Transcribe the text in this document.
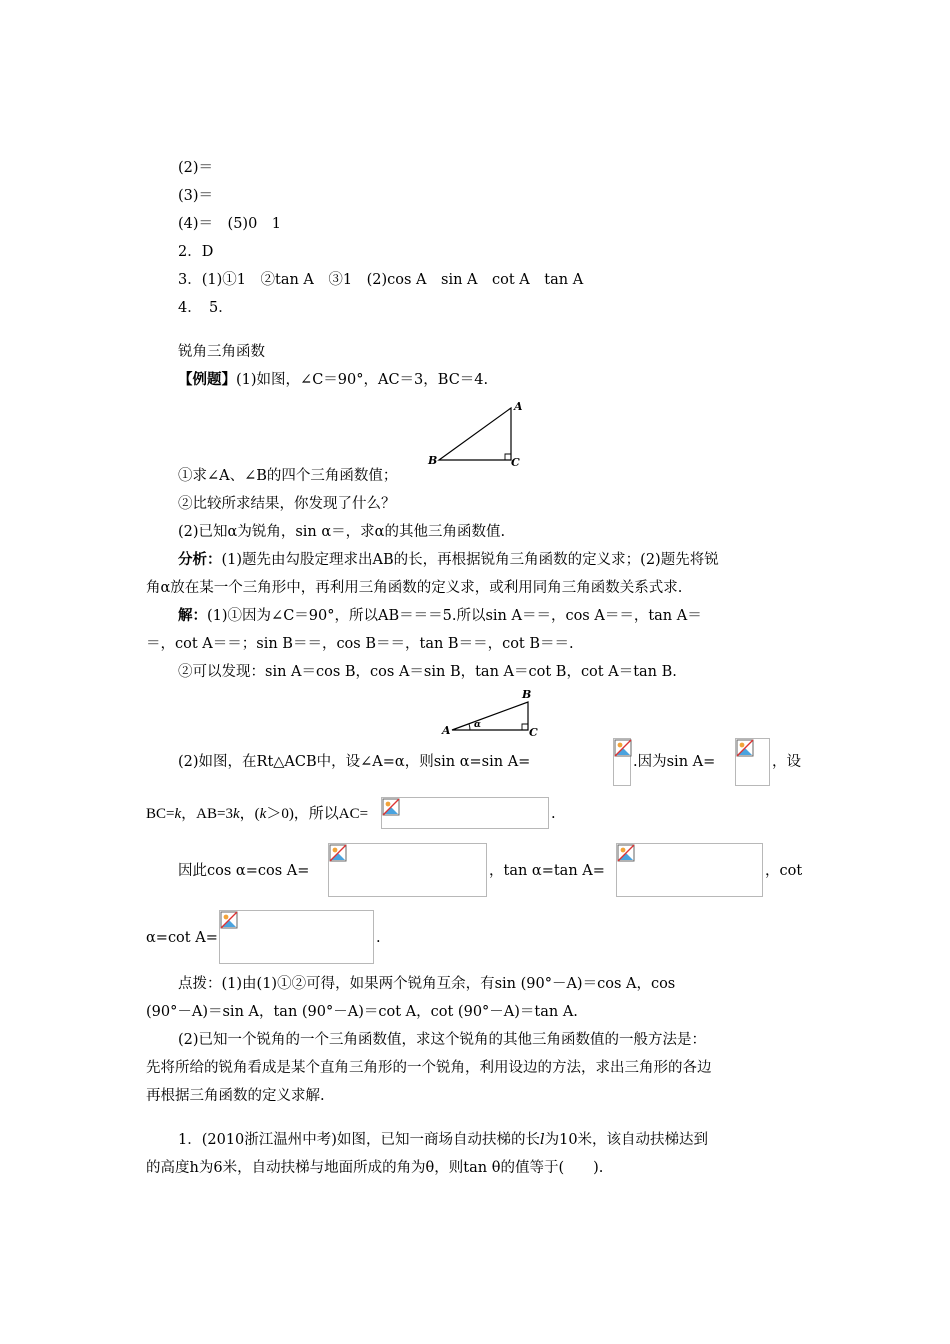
(2)＝
(3)＝
(4)＝　(5)0　1
2．D
3．(1)①1　②tan A　③1　(2)cos A　sin A　cot A　tan A
4．　5．
锐角三角函数
【例题】(1)如图，∠C＝90°，AC＝3，BC＝4.
A
B	C
①求∠A、∠B的四个三角函数值；
②比较所求结果，你发现了什么？
(2)已知α为锐角，sin α＝，求α的其他三角函数值.
分析：(1)题先由勾股定理求出AB的长，再根据锐角三角函数的定义求；(2)题先将锐
角α放在某一个三角形中，再利用三角函数的定义求，或利用同角三角函数关系式求.
解：(1)①因为∠C＝90°，所以AB＝＝＝5.所以sin A＝＝，cos A＝＝，tan A＝
＝，cot A＝＝；sin B＝＝，cos B＝＝，tan B＝＝，cot B＝＝.
②可以发现：sin A＝cos B，cos A＝sin B，tan A＝cot B，cot A＝tan B.
B
A	C
α
(2)如图，在Rt△ACB中，设∠A=α，则sin α=sin A=	.因为sin A=	，设
BC=k，AB=3k，(k＞0)，所以AC=	.
因此cos α=cos A=	，tan α=tan A=	，cot
α=cot A=	.
点拨：(1)由(1)①②可得，如果两个锐角互余，有sin (90°－A)＝cos A，cos
(90°－A)＝sin A，tan (90°－A)＝cot A，cot (90°－A)＝tan A.
(2)已知一个锐角的一个三角函数值，求这个锐角的其他三角函数值的一般方法是：
先将所给的锐角看成是某个直角三角形的一个锐角，利用设边的方法，求出三角形的各边
再根据三角函数的定义求解.
1．(2010浙江温州中考)如图，已知一商场自动扶梯的长l为10米，该自动扶梯达到
的高度h为6米，自动扶梯与地面所成的角为θ，则tan θ的值等于(　　).
